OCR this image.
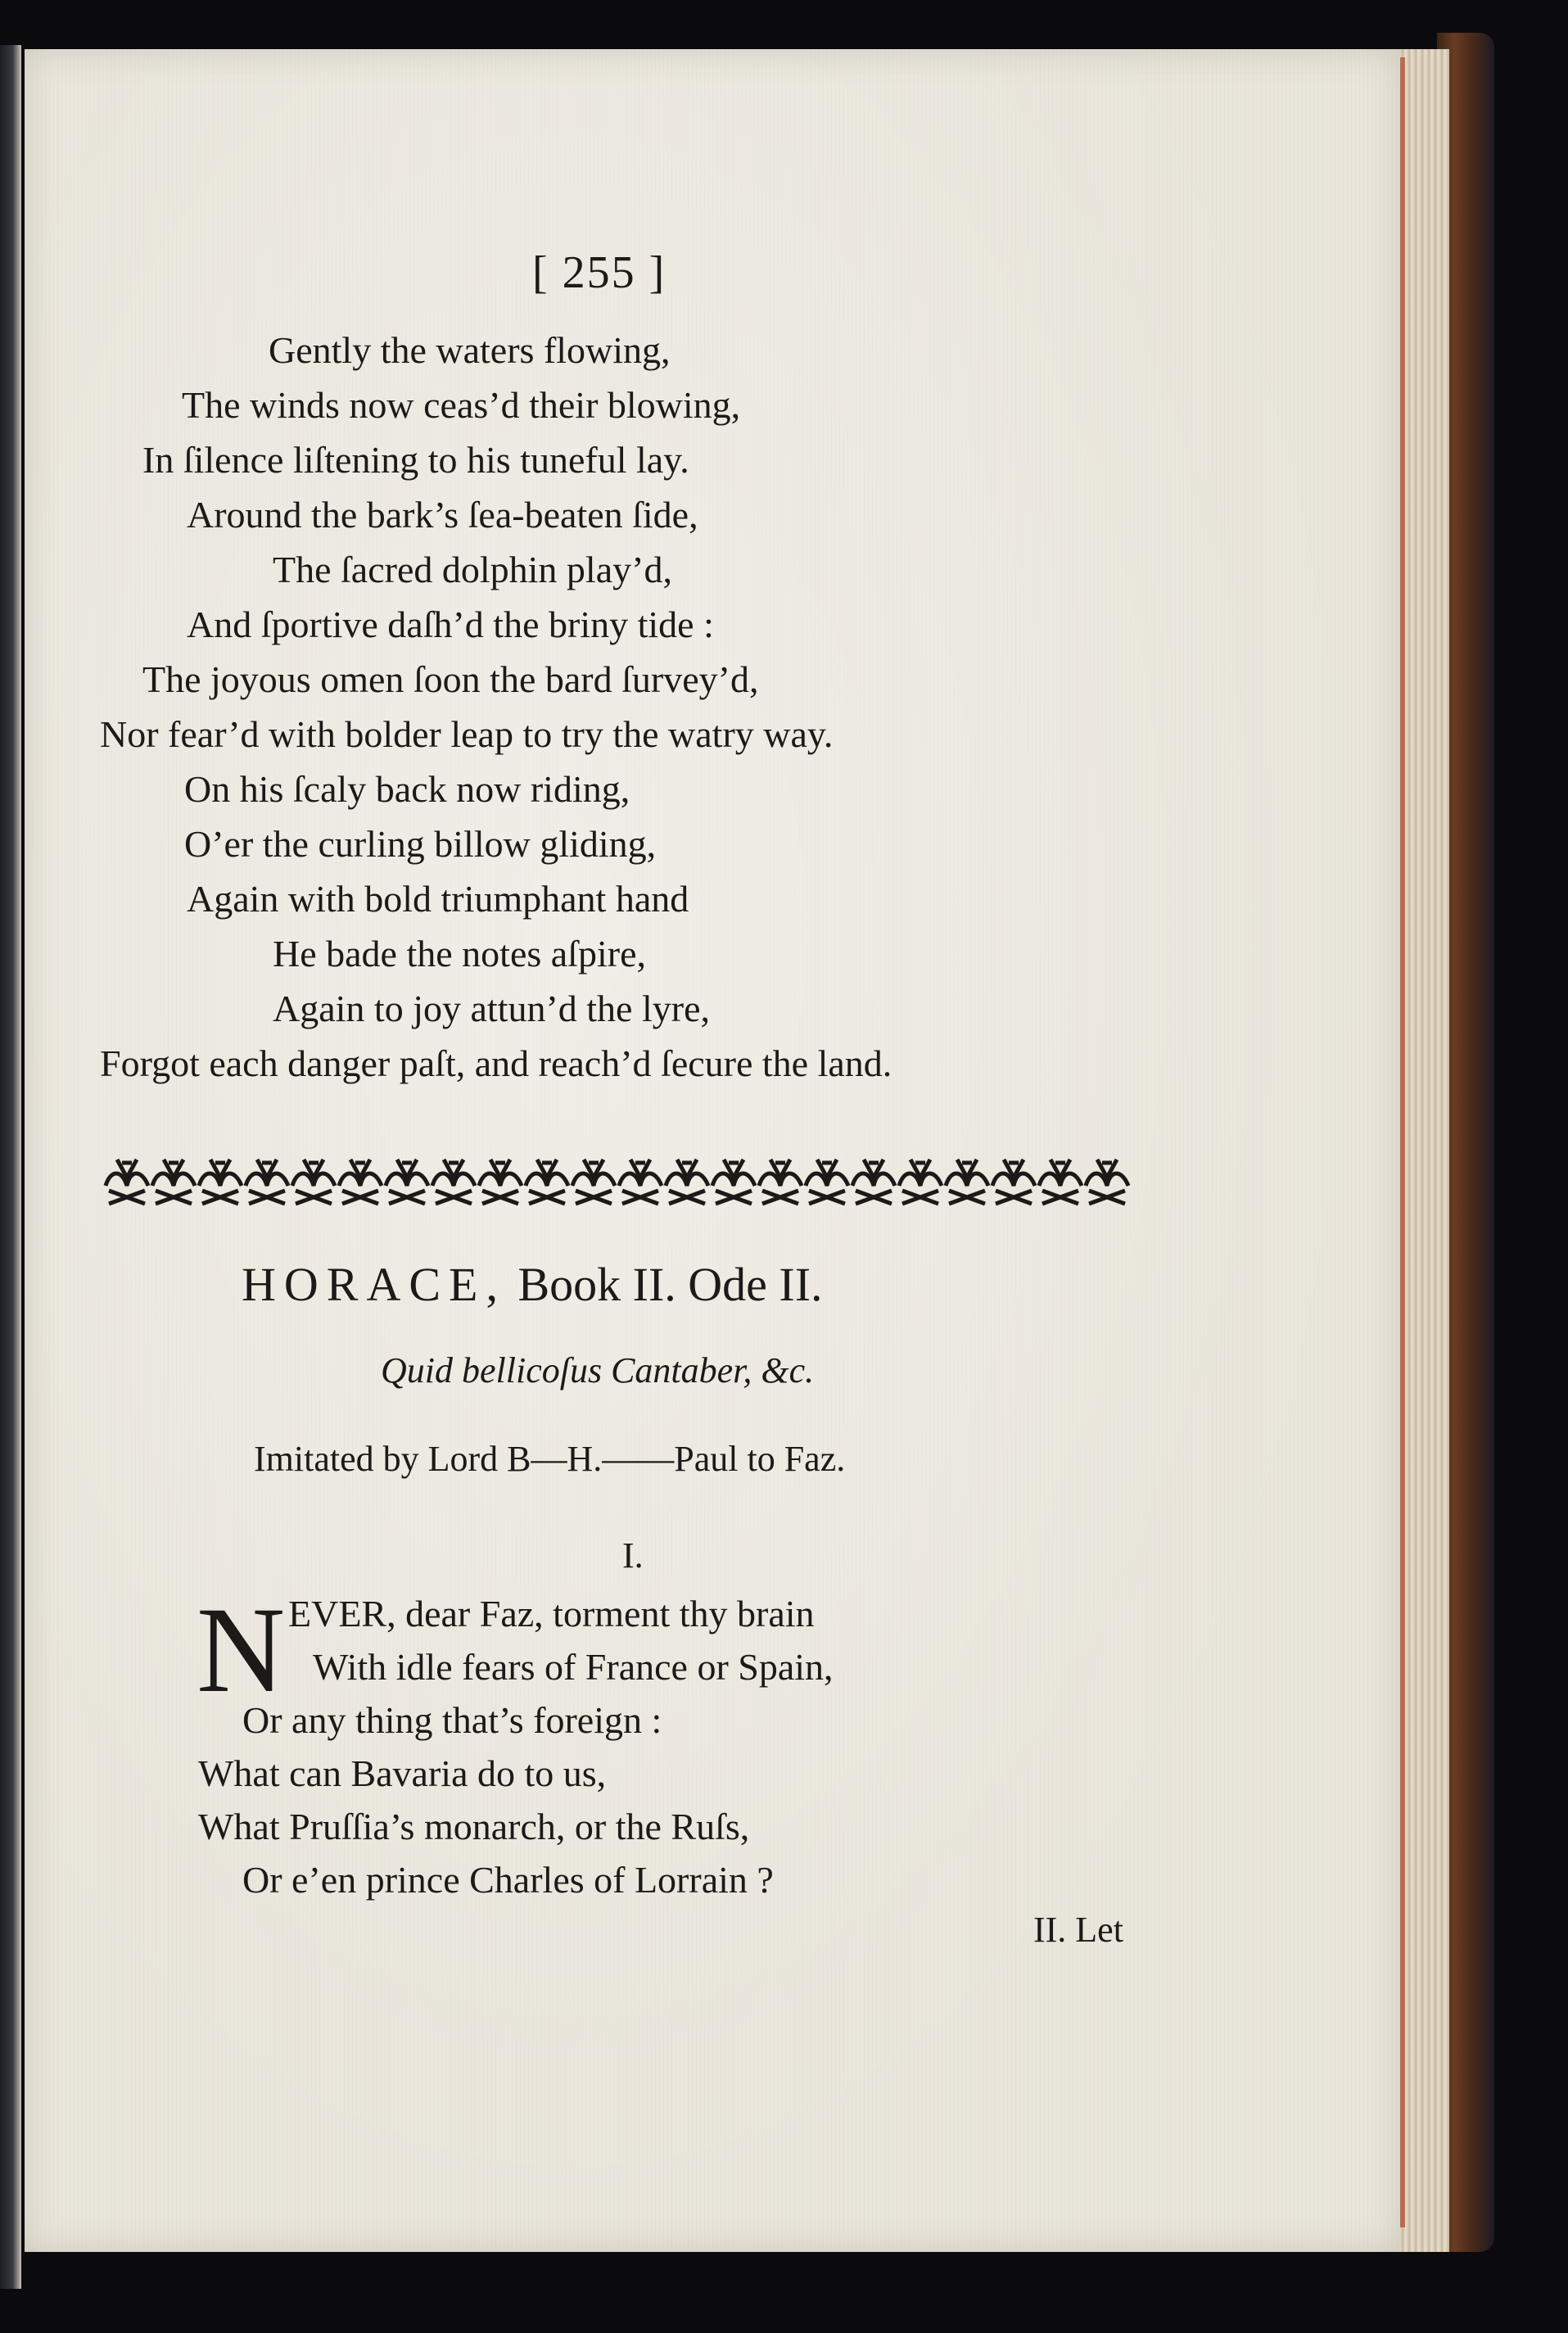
[ 255 ]
Gently the waters flowing,
The winds now ceas’d their blowing,
In ſilence liſtening to his tuneful lay.
Around the bark’s ſea-beaten ſide,
The ſacred dolphin play’d,
And ſportive daſh’d the briny tide :
The joyous omen ſoon the bard ſurvey’d,
Nor fear’d with bolder leap to try the watry way.
On his ſcaly back now riding,
O’er the curling billow gliding,
Again with bold triumphant hand
He bade the notes aſpire,
Again to joy attun’d the lyre,
Forgot each danger paſt, and reach’d ſecure the land.
HORACE, Book II. Ode II.
Quid bellicoſus Cantaber, &c.
Imitated by Lord B—H.——Paul to Faz.
I.
N EVER, dear Faz, torment thy brain
With idle fears of France or Spain,
Or any thing that’s foreign :
What can Bavaria do to us,
What Pruſſia’s monarch, or the Ruſs,
Or e’en prince Charles of Lorrain ?
II. Let
